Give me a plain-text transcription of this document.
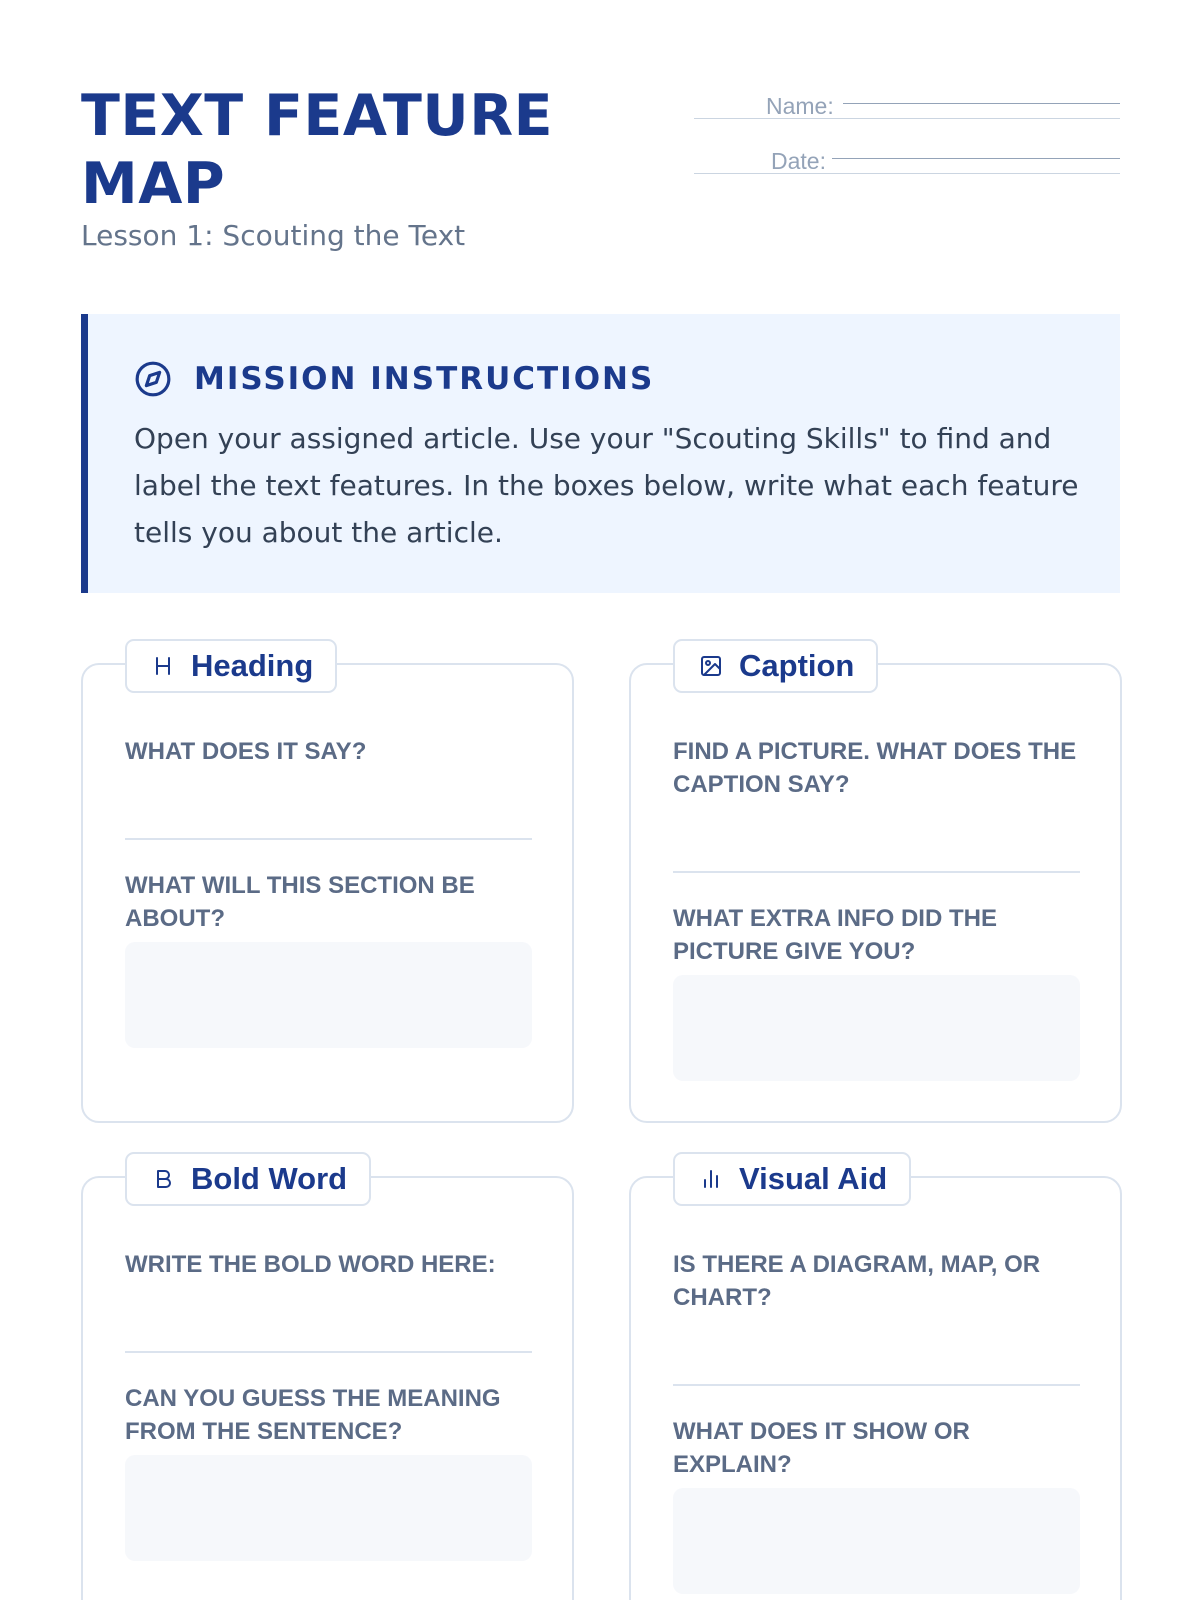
TEXT FEATURE MAP
Lesson 1: Scouting the Text
Name:
Date:
MISSION INSTRUCTIONS

Open your assigned article. Use your "Scouting Skills" to find and label the text features. In the boxes below, write what each feature tells you about the article.

Heading
WHAT DOES IT SAY?
WHAT WILL THIS SECTION BE ABOUT?
Caption
FIND A PICTURE. WHAT DOES THE CAPTION SAY?
WHAT EXTRA INFO DID THE PICTURE GIVE YOU?
Bold Word
WRITE THE BOLD WORD HERE:
CAN YOU GUESS THE MEANING FROM THE SENTENCE?
Visual Aid
IS THERE A DIAGRAM, MAP, OR CHART?
WHAT DOES IT SHOW OR EXPLAIN?
